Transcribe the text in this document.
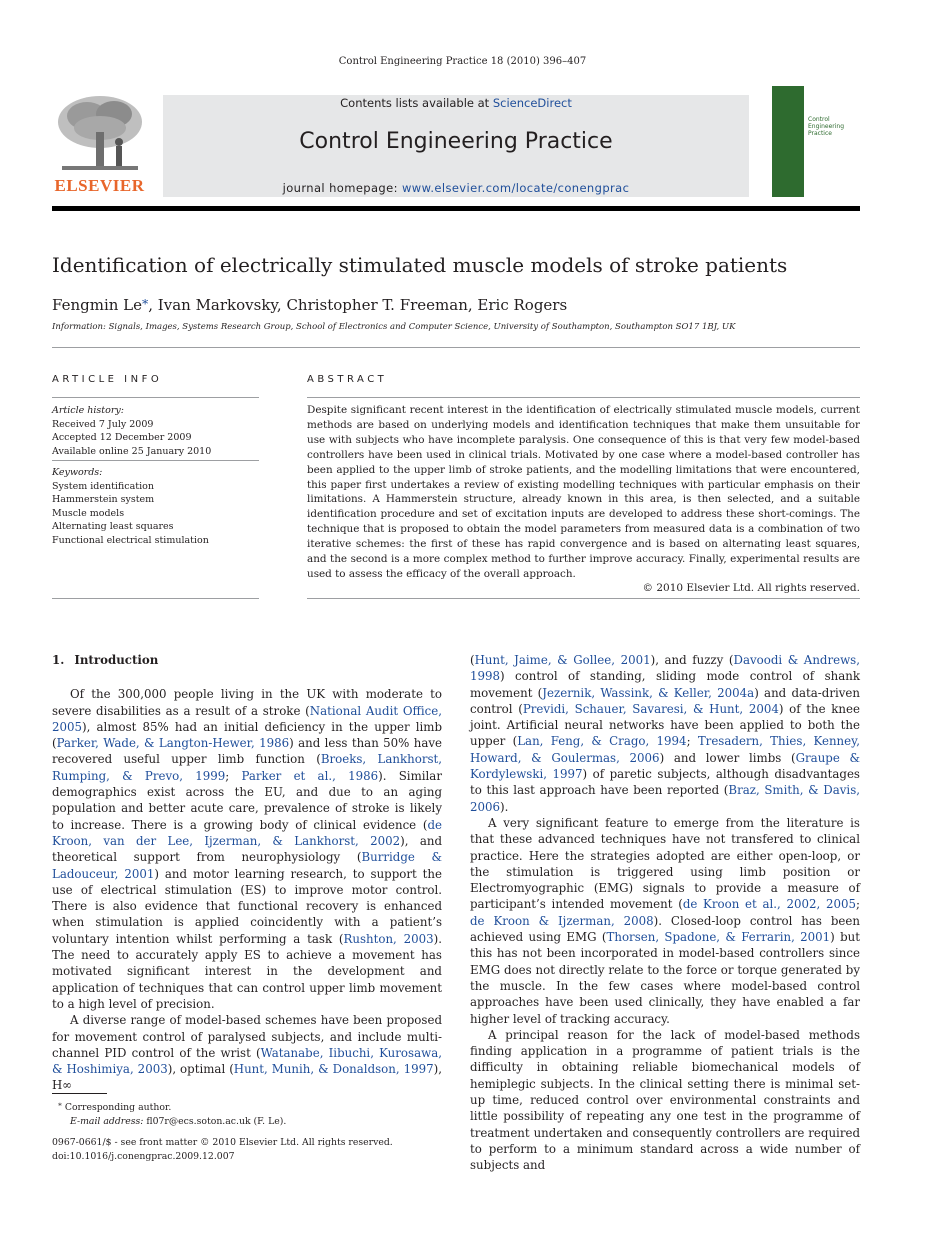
Control Engineering Practice 18 (2010) 396–407
ELSEVIER
Contents lists available at ScienceDirect
Control Engineering Practice
journal homepage: www.elsevier.com/locate/conengprac
Control
Engineering
Practice
Identification of electrically stimulated muscle models of stroke patients
Fengmin Le⁎, Ivan Markovsky, Christopher T. Freeman, Eric Rogers
Information: Signals, Images, Systems Research Group, School of Electronics and Computer Science, University of Southampton, Southampton SO17 1BJ, UK
ARTICLE INFO
Article history:
Received 7 July 2009
Accepted 12 December 2009
Available online 25 January 2010
Keywords:
System identification
Hammerstein system
Muscle models
Alternating least squares
Functional electrical stimulation
ABSTRACT
Despite significant recent interest in the identification of electrically stimulated muscle models, current methods are based on underlying models and identification techniques that make them unsuitable for use with subjects who have incomplete paralysis. One consequence of this is that very few model-based controllers have been used in clinical trials. Motivated by one case where a model-based controller has been applied to the upper limb of stroke patients, and the modelling limitations that were encountered, this paper first undertakes a review of existing modelling techniques with particular emphasis on their limitations. A Hammerstein structure, already known in this area, is then selected, and a suitable identification procedure and set of excitation inputs are developed to address these short-comings. The technique that is proposed to obtain the model parameters from measured data is a combination of two iterative schemes: the first of these has rapid convergence and is based on alternating least squares, and the second is a more complex method to further improve accuracy. Finally, experimental results are used to assess the efficacy of the overall approach.
© 2010 Elsevier Ltd. All rights reserved.
1. Introduction

Of the 300,000 people living in the UK with moderate to severe disabilities as a result of a stroke (National Audit Office, 2005), almost 85% had an initial deficiency in the upper limb (Parker, Wade, & Langton-Hewer, 1986) and less than 50% have recovered useful upper limb function (Broeks, Lankhorst, Rumping, & Prevo, 1999; Parker et al., 1986). Similar demographics exist across the EU, and due to an aging population and better acute care, prevalence of stroke is likely to increase. There is a growing body of clinical evidence (de Kroon, van der Lee, Ijzerman, & Lankhorst, 2002), and theoretical support from neurophysiology (Burridge & Ladouceur, 2001) and motor learning research, to support the use of electrical stimulation (ES) to improve motor control. There is also evidence that functional recovery is enhanced when stimulation is applied coincidently with a patient’s voluntary intention whilst performing a task (Rushton, 2003). The need to accurately apply ES to achieve a movement has motivated significant interest in the development and application of techniques that can control upper limb movement to a high level of precision.

A diverse range of model-based schemes have been proposed for movement control of paralysed subjects, and include multi-channel PID control of the wrist (Watanabe, Iibuchi, Kurosawa, & Hoshimiya, 2003), optimal (Hunt, Munih, & Donaldson, 1997), H∞

(Hunt, Jaime, & Gollee, 2001), and fuzzy (Davoodi & Andrews, 1998) control of standing, sliding mode control of shank movement (Jezernik, Wassink, & Keller, 2004a) and data-driven control (Previdi, Schauer, Savaresi, & Hunt, 2004) of the knee joint. Artificial neural networks have been applied to both the upper (Lan, Feng, & Crago, 1994; Tresadern, Thies, Kenney, Howard, & Goulermas, 2006) and lower limbs (Graupe & Kordylewski, 1997) of paretic subjects, although disadvantages to this last approach have been reported (Braz, Smith, & Davis, 2006).

A very significant feature to emerge from the literature is that these advanced techniques have not transfered to clinical practice. Here the strategies adopted are either open-loop, or the stimulation is triggered using limb position or Electromyographic (EMG) signals to provide a measure of participant’s intended movement (de Kroon et al., 2002, 2005; de Kroon & Ijzerman, 2008). Closed-loop control has been achieved using EMG (Thorsen, Spadone, & Ferrarin, 2001) but this has not been incorporated in model-based controllers since EMG does not directly relate to the force or torque generated by the muscle. In the few cases where model-based control approaches have been used clinically, they have enabled a far higher level of tracking accuracy.

A principal reason for the lack of model-based methods finding application in a programme of patient trials is the difficulty in obtaining reliable biomechanical models of hemiplegic subjects. In the clinical setting there is minimal set-up time, reduced control over environmental constraints and little possibility of repeating any one test in the programme of treatment undertaken and consequently controllers are required to perform to a minimum standard across a wide number of subjects and

⁎ Corresponding author.
E-mail address: fl07r@ecs.soton.ac.uk (F. Le).
0967-0661/$ - see front matter © 2010 Elsevier Ltd. All rights reserved.
doi:10.1016/j.conengprac.2009.12.007
